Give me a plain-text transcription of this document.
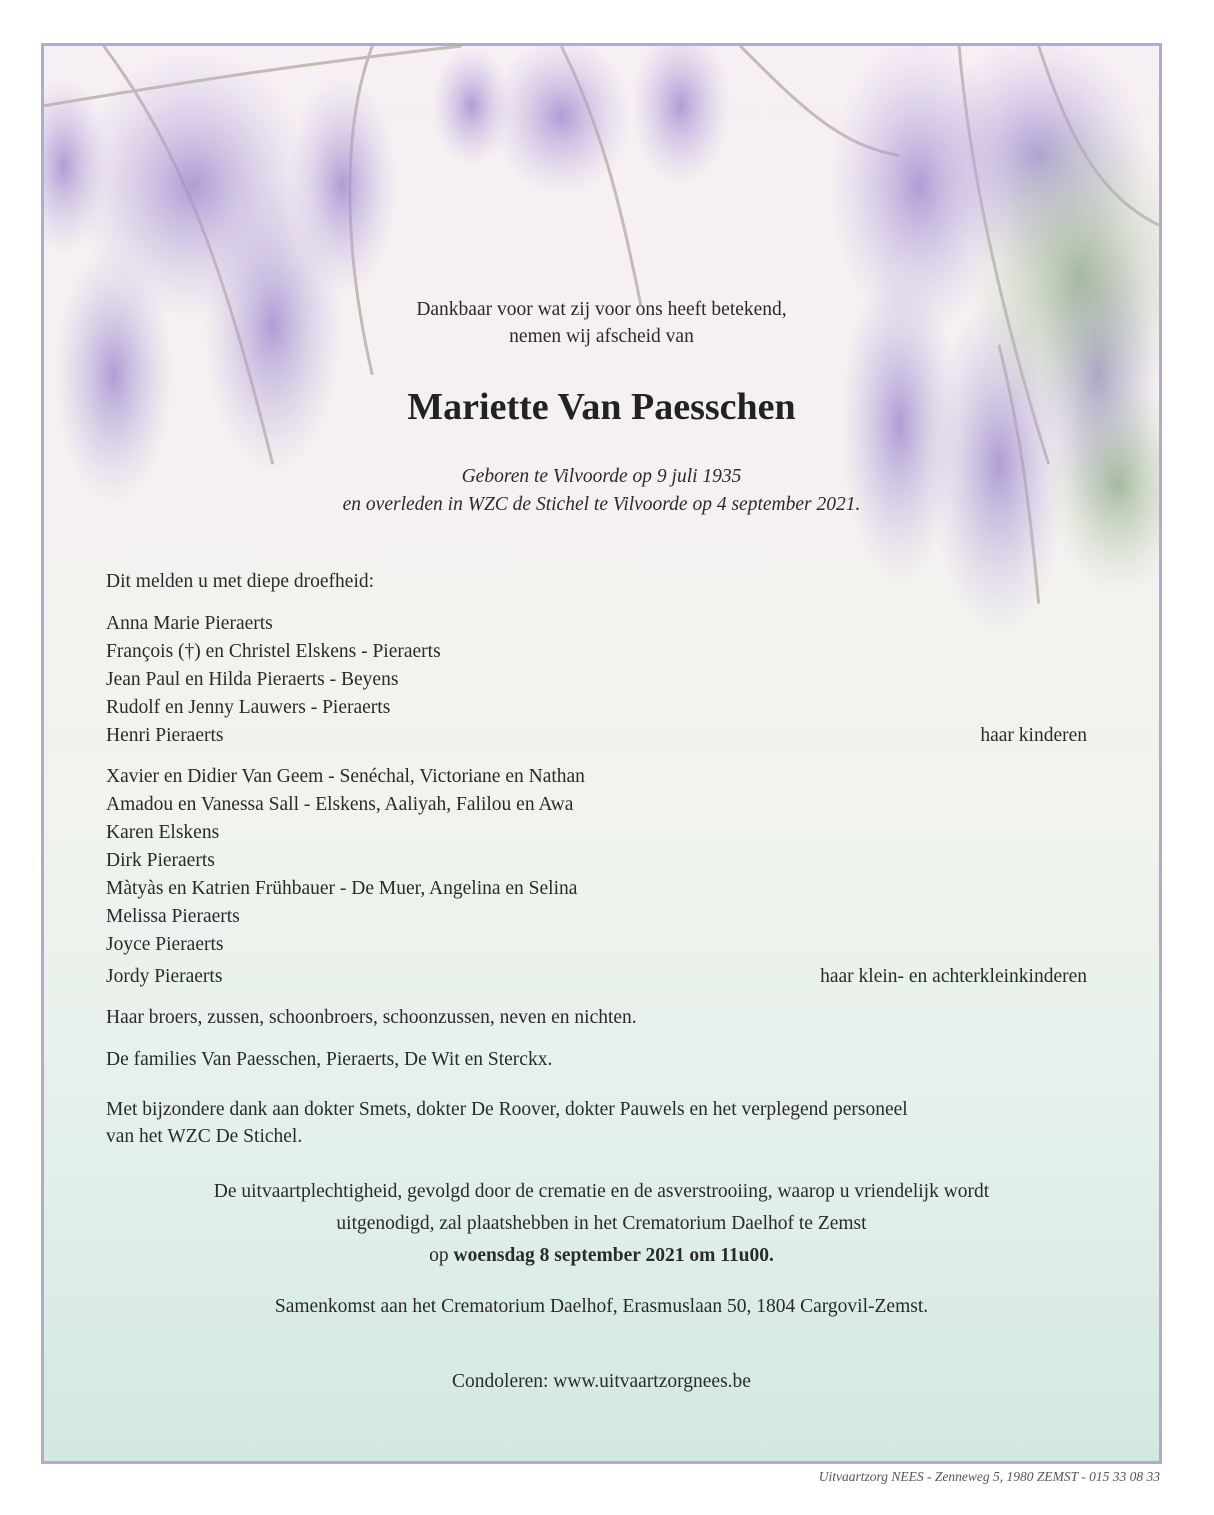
Dankbaar voor wat zij voor ons heeft betekend,
nemen wij afscheid van
Mariette Van Paesschen
Geboren te Vilvoorde op 9 juli 1935
en overleden in WZC de Stichel te Vilvoorde op 4 september 2021.
Dit melden u met diepe droefheid:
Anna Marie Pieraerts
François (†) en Christel Elskens - Pieraerts
Jean Paul en Hilda Pieraerts - Beyens
Rudolf en Jenny Lauwers - Pieraerts
Henri Pieraerts	haar kinderen
Xavier en Didier Van Geem - Senéchal, Victoriane en Nathan
Amadou en Vanessa Sall - Elskens, Aaliyah, Falilou en Awa
Karen Elskens
Dirk Pieraerts
Màtyàs en Katrien Frühbauer - De Muer, Angelina en Selina
Melissa Pieraerts
Joyce Pieraerts
Jordy Pieraerts	haar klein- en achterkleinkinderen
Haar broers, zussen, schoonbroers, schoonzussen, neven en nichten.
De families Van Paesschen, Pieraerts, De Wit en Sterckx.
Met bijzondere dank aan dokter Smets, dokter De Roover, dokter Pauwels en het verplegend personeel
van het WZC De Stichel.
De uitvaartplechtigheid, gevolgd door de crematie en de asverstrooiing, waarop u vriendelijk wordt
uitgenodigd, zal plaatshebben in het Crematorium Daelhof te Zemst
op woensdag 8 september 2021 om 11u00.
Samenkomst aan het Crematorium Daelhof, Erasmuslaan 50, 1804 Cargovil-Zemst.
Condoleren: www.uitvaartzorgnees.be
Uitvaartzorg NEES - Zenneweg 5, 1980 ZEMST - 015 33 08 33
